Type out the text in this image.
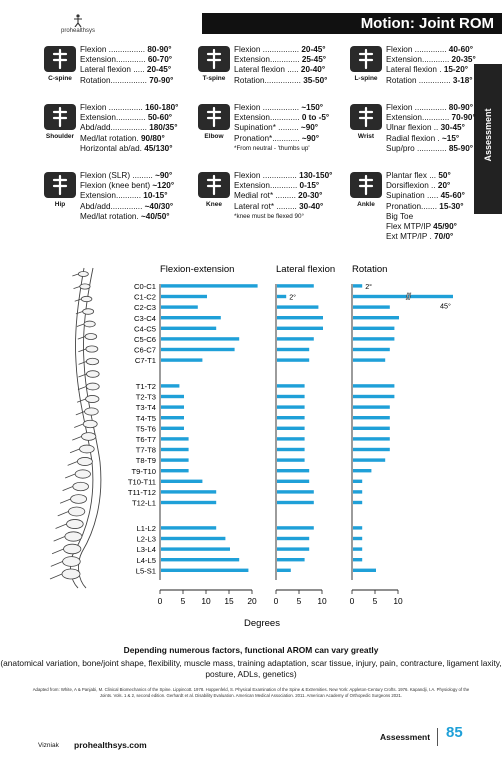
prohealthsys	Motion: Joint ROM
Assessment
C-spine
Flexion ................ 80-90°
Extension............. 60-70°
Lateral flexion ..... 20-45°
Rotation................ 70-90°	T-spine
Flexion ................ 20-45°
Extension............. 25-45°
Lateral flexion ..... 20-40°
Rotation................ 35-50°	L-spine
Flexion .............. 40-60°
Extension............ 20-35°
Lateral flexion . 15-20°
Rotation .............. 3-18°
Shoulder
Flexion ............... 160-180°
Extension............. 50-60°
Abd/add................ 180/35°
Med/lat rotation. 90/80°
Horizontal ab/ad. 45/130°
Elbow
Flexion ................ ~150°
Extension............. 0 to -5°
Supination* ......... ~90°
Pronation*............ ~90°
*From neutral - 'thumbs up'
Wrist
Flexion .............. 80-90°
Extension............ 70-90°
Ulnar flexion .. 30-45°
Radial flexion . ~15°
Sup/pro ............. 85-90°
Hip
Flexion (SLR) ......... ~90°
Flexion (knee bent) ~120°
Extension........... 10-15°
Abd/add.............. ~40/30°
Med/lat rotation. ~40/50°
Knee
Flexion ............... 130-150°
Extension............ 0-15°
Medial rot* ......... 20-30°
Lateral rot* ......... 30-40°
*knee must be flexed 90°
Ankle
Plantar flex ... 50°
Dorsiflexion .. 20°
Supination ..... 45-60°
Pronation....... 15-30°
Big Toe
Flex MTP/IP 45/90°
Ext MTP/IP . 70/0°
C0-C1
C1-C2
C2-C3
C3-C4
C4-C5
C5-C6
C6-C7
C7-T1
T1-T2
T2-T3
T3-T4
T4-T5
T5-T6
T6-T7
T7-T8
T8-T9
T9-T10
T10-T11
T11-T12
T12-L1
L1-L2
L2-L3
L3-L4
L4-L5
L5-S1
Flexion-extension
0 5 10 15 20
Lateral flexion
0 5 10
2°
Rotation
0 5 10
2°
45°
//
Degrees
Depending numerous factors, functional AROM can vary greatly
(anatomical variation, bone/joint shape, flexibility, muscle mass, training adaptation, scar tissue, injury, pain, contracture, ligament laxity, posture, ADLs, genetics)
Adapted from: White, A & Panjabi, M. Clinical Biomechanics of the Spine. Lippincott. 1978. Hoppenfeld, S. Physical Examination of the Spine & Extremities. New York: Appleton-Century Crofts. 1976. Kapandji, I.A. Physiology of the Joints. Vols. 1 & 2, second edition. Gerhardt et al. Disability Evaluation. American Medical Association. 2011. American Academy of Orthopedic Surgeons 2021.
Vizniak prohealthsys.com
Assessment 85
